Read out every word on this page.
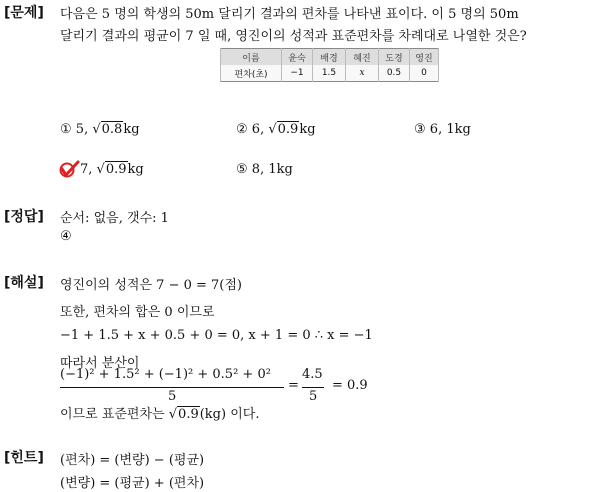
[문제] 다음은 5 명의 학생의 50m 달리기 결과의 편차를 나타낸 표이다. 이 5 명의 50m
달리기 결과의 평균이 7 일 때, 영진이의 성적과 표준편차를 차례대로 나열한 것은?
이름	윤숙	배경	혜진	도경	영진
편차(초)	−1	1.5	x	0.5	0
① 5, √0.8kg	② 6, √0.9kg	③ 6, 1kg
7, √0.9kg	⑤ 8, 1kg
[정답] 순서: 없음, 갯수: 1
④
[해설] 영진이의 성적은 7 − 0 = 7(점)
또한, 편차의 합은 0 이므로
−1 + 1.5 + x + 0.5 + 0 = 0, x + 1 = 0 ∴ x = −1
따라서 분산이
(−1)² + 1.5² + (−1)² + 0.5² + 0²
5
=
4.5
5
= 0.9
이므로 표준편차는 √0.9(kg) 이다.
[힌트] (편차) = (변량) − (평균)
(변량) = (평균) + (편차)
